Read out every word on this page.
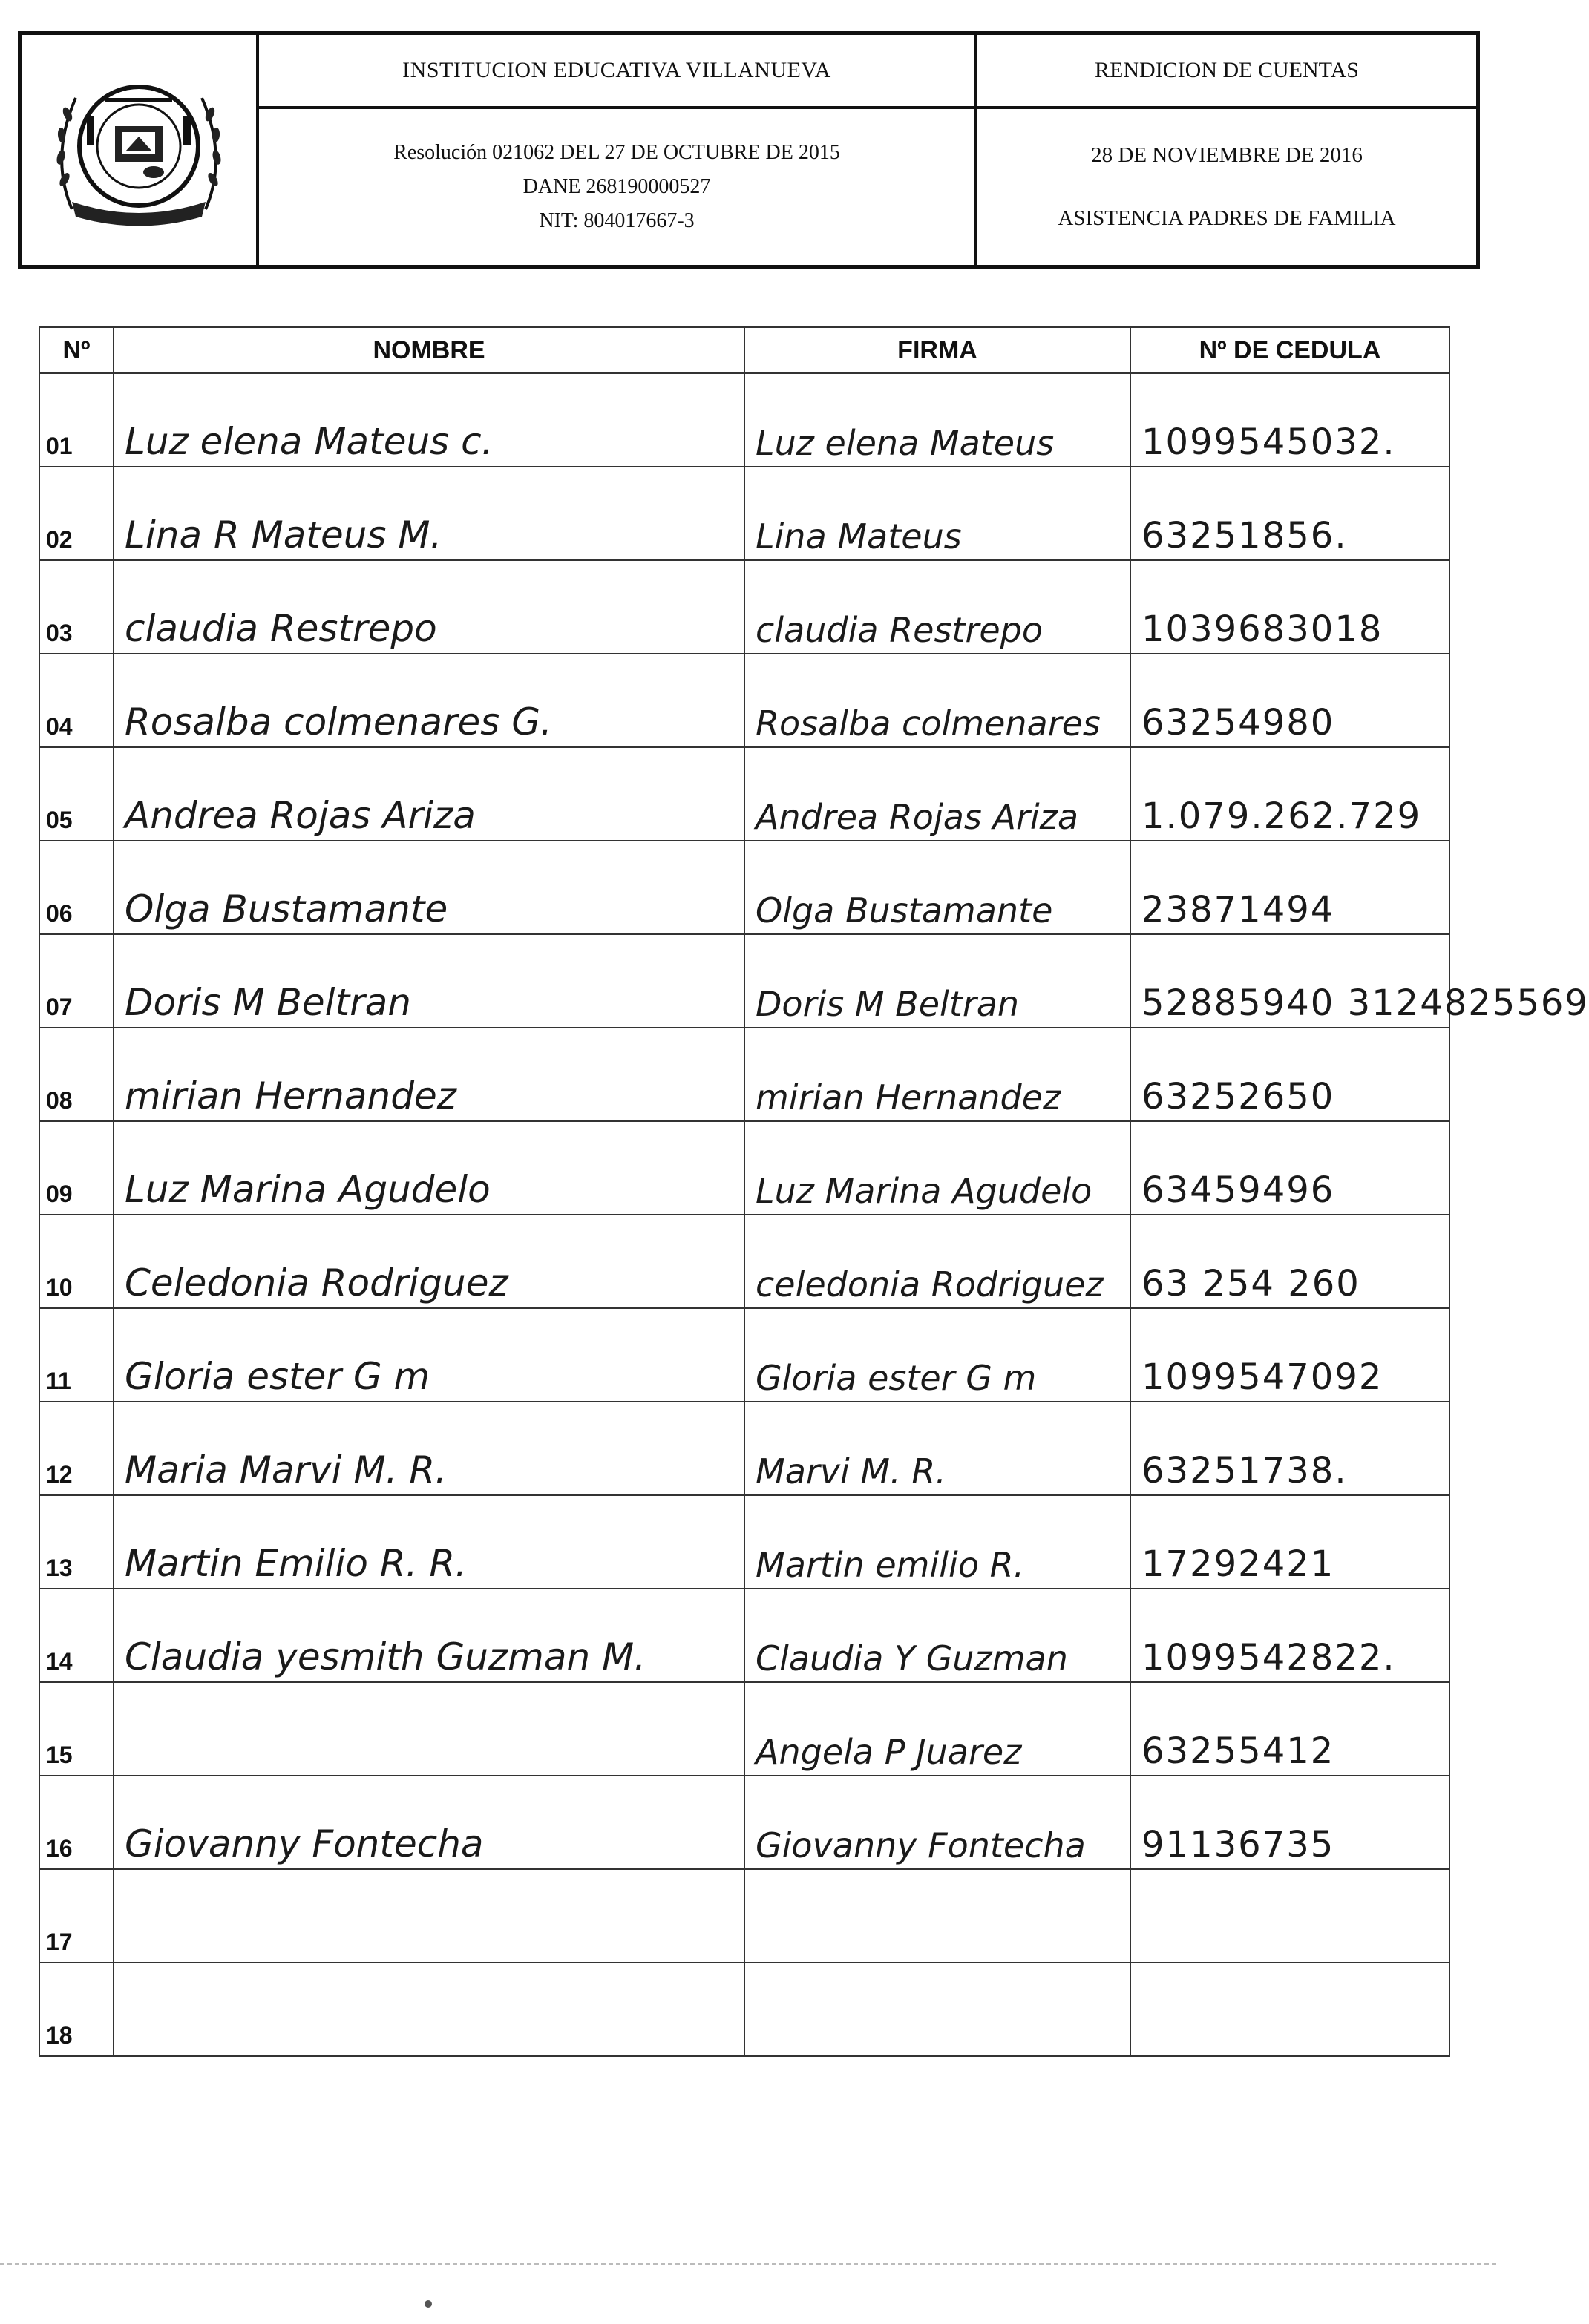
INSTITUCION EDUCATIVA VILLANUEVA
Resolución 021062 DEL 27 DE OCTUBRE DE 2015
DANE 268190000527
NIT: 804017667-3
RENDICION DE CUENTAS
28 DE NOVIEMBRE DE 2016
ASISTENCIA PADRES DE FAMILIA
Nº	NOMBRE	FIRMA	Nº DE CEDULA
01	Luz elena Mateus c.	Luz elena Mateus	1099545032.
02	Lina R Mateus M.	Lina Mateus	63251856.
03	claudia Restrepo	claudia Restrepo	1039683018
04	Rosalba colmenares G.	Rosalba colmenares	63254980
05	Andrea Rojas Ariza	Andrea Rojas Ariza	1.079.262.729
06	Olga Bustamante	Olga Bustamante	23871494
07	Doris M Beltran	Doris M Beltran	52885940 3124825569
08	mirian Hernandez	mirian Hernandez	63252650
09	Luz Marina Agudelo	Luz Marina Agudelo	63459496
10	Celedonia Rodriguez	celedonia Rodriguez	63 254 260
11	Gloria ester G m	Gloria ester G m	1099547092
12	Maria Marvi M. R.	Marvi M. R.	63251738.
13	Martin Emilio R. R.	Martin emilio R.	17292421
14	Claudia yesmith Guzman M.	Claudia Y Guzman	1099542822.
15		Angela P Juarez	63255412
16	Giovanny Fontecha	Giovanny Fontecha	91136735
17			
18			
